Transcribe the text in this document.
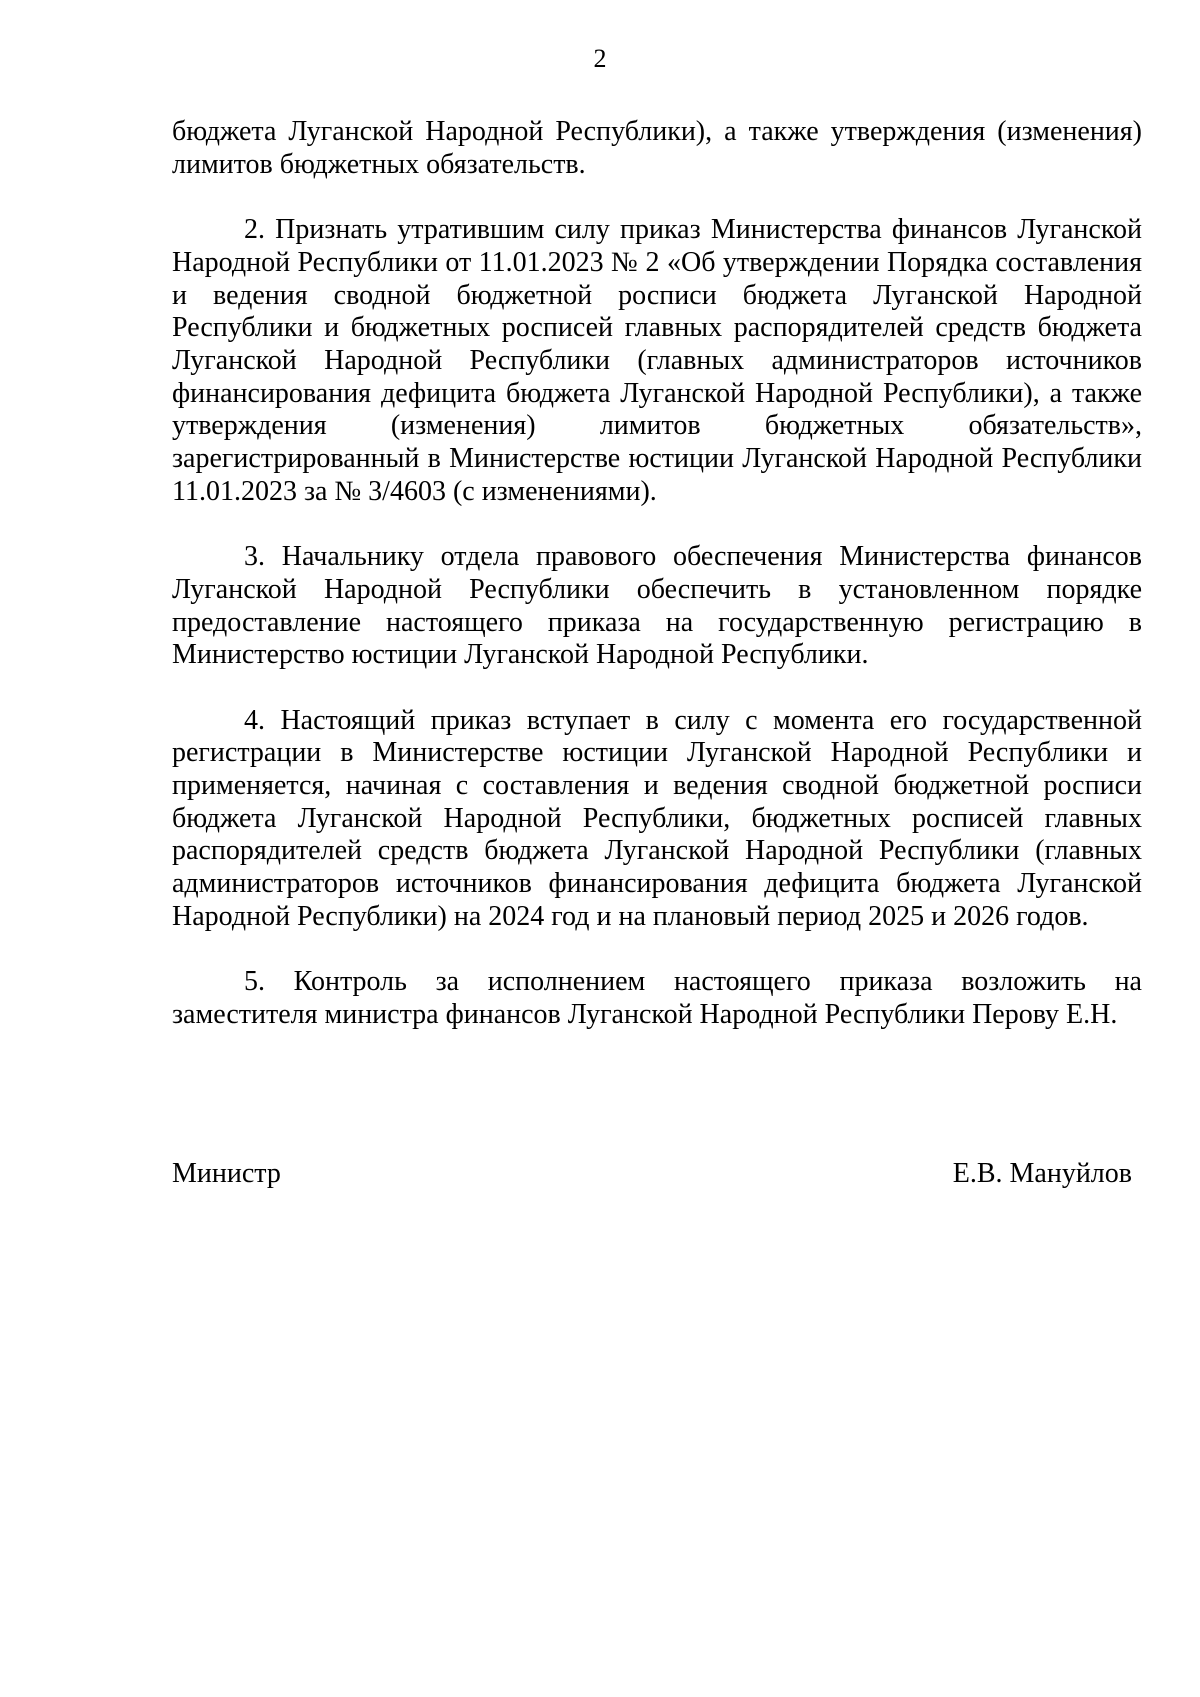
2

бюджета Луганской Народной Республики), а также утверждения (изменения) лимитов бюджетных обязательств.

2. Признать утратившим силу приказ Министерства финансов Луганской Народной Республики от 11.01.2023 № 2 «Об утверждении Порядка составления и ведения сводной бюджетной росписи бюджета Луганской Народной Республики и бюджетных росписей главных распорядителей средств бюджета Луганской Народной Республики (главных администраторов источников финансирования дефицита бюджета Луганской Народной Республики), а также утверждения (изменения) лимитов бюджетных обязательств», зарегистрированный в Министерстве юстиции Луганской Народной Республики 11.01.2023 за № 3/4603 (с изменениями).

3. Начальнику отдела правового обеспечения Министерства финансов Луганской Народной Республики обеспечить в установленном порядке предоставление настоящего приказа на государственную регистрацию в Министерство юстиции Луганской Народной Республики.

4. Настоящий приказ вступает в силу с момента его государственной регистрации в Министерстве юстиции Луганской Народной Республики и применяется, начиная с составления и ведения сводной бюджетной росписи бюджета Луганской Народной Республики, бюджетных росписей главных распорядителей средств бюджета Луганской Народной Республики (главных администраторов источников финансирования дефицита бюджета Луганской Народной Республики) на 2024 год и на плановый период 2025 и 2026 годов.

5. Контроль за исполнением настоящего приказа возложить на заместителя министра финансов Луганской Народной Республики Перову Е.Н.

Министр	Е.В. Мануйлов
